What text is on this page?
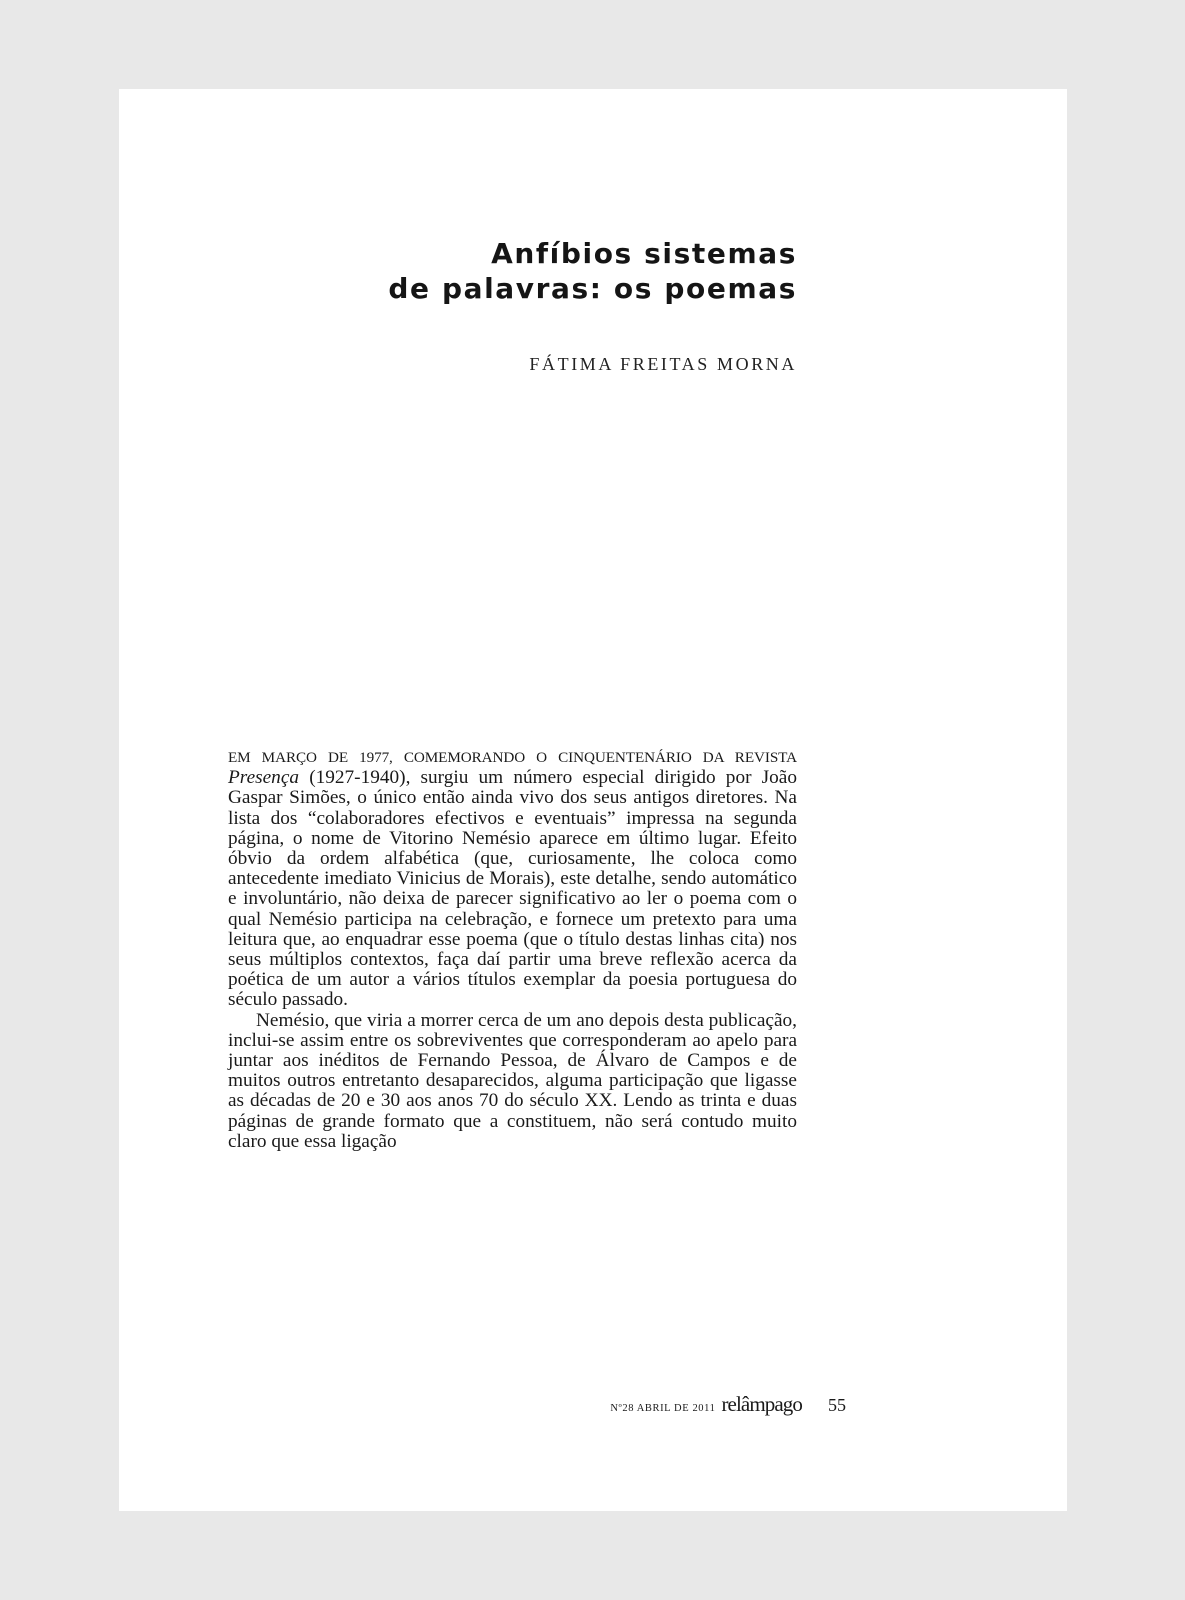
Anfíbios sistemas
de palavras: os poemas

FÁTIMA FREITAS MORNA

EM MARÇO DE 1977, COMEMORANDO O CINQUENTENÁRIO DA REVISTA Presença (1927-1940), surgiu um número especial dirigido por João Gaspar Simões, o único então ainda vivo dos seus antigos diretores. Na lista dos “colaboradores efectivos e eventuais” impressa na segunda página, o nome de Vitorino Nemésio aparece em último lugar. Efeito óbvio da ordem alfabética (que, curiosamente, lhe coloca como antecedente imediato Vinicius de Morais), este detalhe, sendo automático e involuntário, não deixa de parecer significativo ao ler o poema com o qual Nemésio participa na celebração, e fornece um pretexto para uma leitura que, ao enquadrar esse poema (que o título destas linhas cita) nos seus múltiplos contextos, faça daí partir uma breve reflexão acerca da poética de um autor a vários títulos exemplar da poesia portuguesa do século passado.

Nemésio, que viria a morrer cerca de um ano depois desta publicação, inclui-se assim entre os sobreviventes que corresponderam ao apelo para juntar aos inéditos de Fernando Pessoa, de Álvaro de Campos e de muitos outros entretanto desaparecidos, alguma participação que ligasse as décadas de 20 e 30 aos anos 70 do século XX. Lendo as trinta e duas páginas de grande formato que a constituem, não será contudo muito claro que essa ligação

Nº28 ABRIL DE 2011 relâmpago 55
